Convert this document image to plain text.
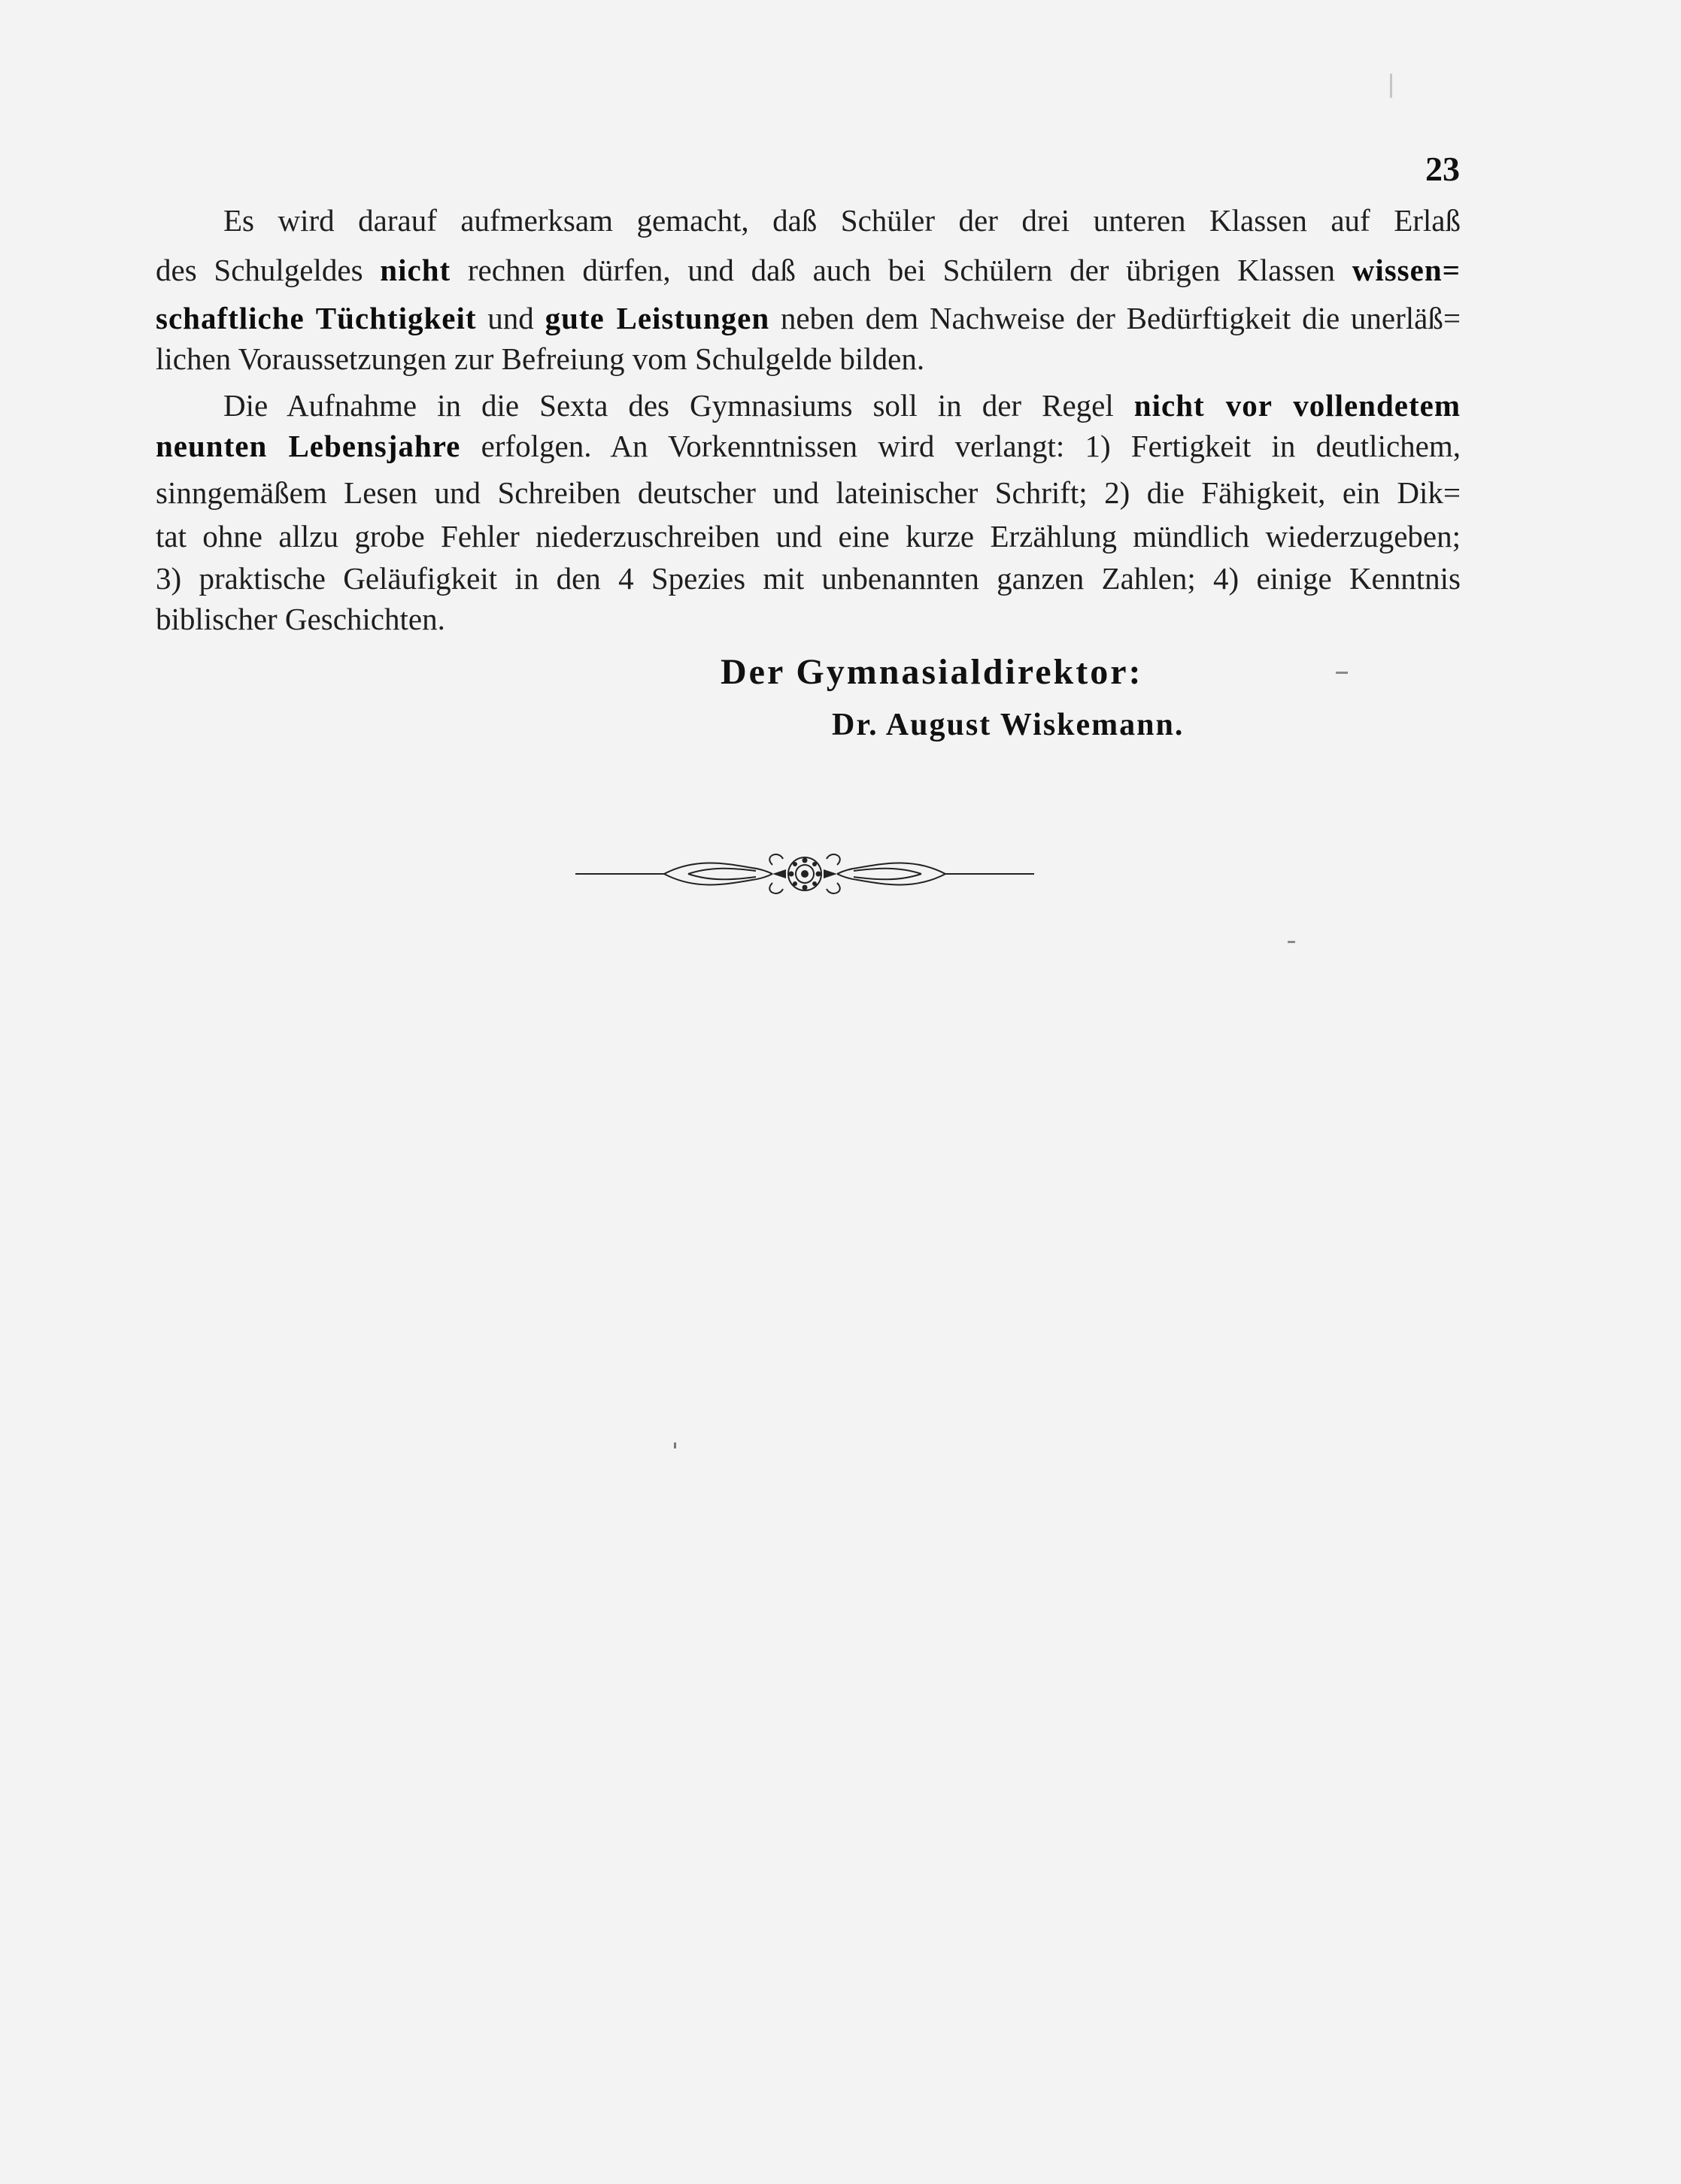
23
Es wird darauf aufmerksam gemacht, daß Schüler der drei unteren Klassen auf Erlaß
des Schulgeldes nicht rechnen dürfen, und daß auch bei Schülern der übrigen Klassen wissen=
schaftliche Tüchtigkeit und gute Leistungen neben dem Nachweise der Bedürftigkeit die unerläß=
lichen Voraussetzungen zur Befreiung vom Schulgelde bilden.
Die Aufnahme in die Sexta des Gymnasiums soll in der Regel nicht vor vollendetem
neunten Lebensjahre erfolgen. An Vorkenntnissen wird verlangt: 1) Fertigkeit in deutlichem,
sinngemäßem Lesen und Schreiben deutscher und lateinischer Schrift; 2) die Fähigkeit, ein Dik=
tat ohne allzu grobe Fehler niederzuschreiben und eine kurze Erzählung mündlich wiederzugeben;
3) praktische Geläufigkeit in den 4 Spezies mit unbenannten ganzen Zahlen; 4) einige Kenntnis
biblischer Geschichten.
Der Gymnasialdirektor:
Dr. August Wiskemann.
